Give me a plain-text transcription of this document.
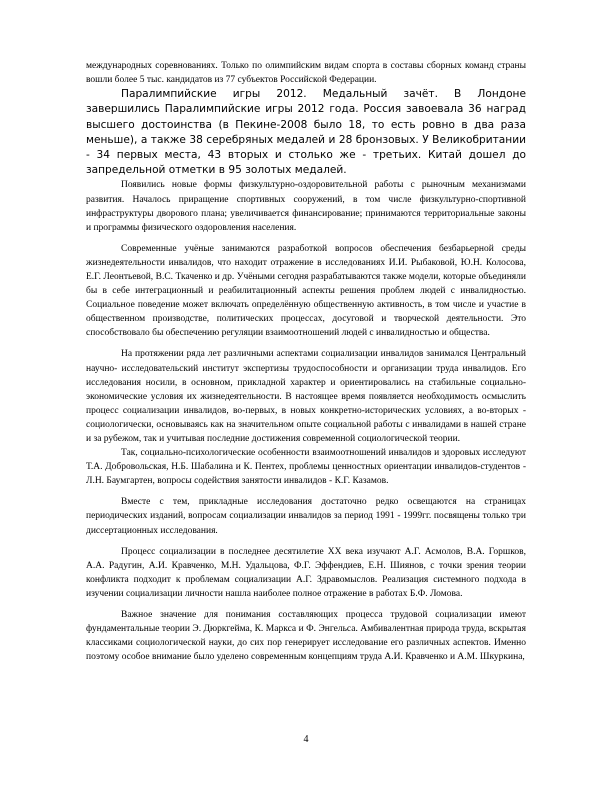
международных соревнованиях. Только по олимпийским видам спорта в составы сборных команд страны вошли более 5 тыс. кандидатов из 77 субъектов Российской Федерации.

Паралимпийские игры 2012. Медальный зачёт. В Лондоне завершились Паралимпийские игры 2012 года. Россия завоевала 36 наград высшего достоинства (в Пекине-2008 было 18, то есть ровно в два раза меньше), а также 38 серебряных медалей и 28 бронзовых. У Великобритании - 34 первых места, 43 вторых и столько же - третьих. Китай дошел до запредельной отметки в 95 золотых медалей.

Появились новые формы физкультурно-оздоровительной работы с рыночным механизмами развития. Началось приращение спортивных сооружений, в том числе физкультурно-спортивной инфраструктуры дворового плана; увеличивается финансирование; принимаются территориальные законы и программы физического оздоровления населения.

Современные учёные занимаются разработкой вопросов обеспечения безбарьерной среды жизнедеятельности инвалидов, что находит отражение в исследованиях И.И. Рыбаковой, Ю.Н. Колосова, Е.Г. Леонтьевой, В.С. Ткаченко и др. Учёными сегодня разрабатываются также модели, которые объединяли бы в себе интеграционный и реабилитационный аспекты решения проблем людей с инвалидностью. Социальное поведение может включать определённую общественную активность, в том числе и участие в общественном производстве, политических процессах, досуговой и творческой деятельности. Это способствовало бы обеспечению регуляции взаимоотношений людей с инвалидностью и общества.

На протяжении ряда лет различными аспектами социализации инвалидов занимался Центральный научно- исследовательский институт экспертизы трудоспособности и организации труда инвалидов. Его исследования носили, в основном, прикладной характер и ориентировались на стабильные социально-экономические условия их жизнедеятельности. В настоящее время появляется необходимость осмыслить процесс социализации инвалидов, во-первых, в новых конкретно-исторических условиях, а во-вторых - социологически, основываясь как на значительном опыте социальной работы с инвалидами в нашей стране и за рубежом, так и учитывая последние достижения современной социологической теории.

Так, социально-психологические особенности взаимоотношений инвалидов и здоровых исследуют Т.А. Добровольская, Н.Б. Шабалина и К. Пентех, проблемы ценностных ориентации инвалидов-студентов - Л.Н. Баумгартен, вопросы содействия занятости инвалидов - К.Г. Казамов.

Вместе с тем, прикладные исследования достаточно редко освещаются на страницах периодических изданий, вопросам социализации инвалидов за период 1991 - 1999гг. посвящены только три диссертационных исследования.

Процесс социализации в последнее десятилетие XX века изучают А.Г. Асмолов, В.А. Горшков, А.А. Радугин, А.И. Кравченко, М.Н. Удальцова, Ф.Г. Эффендиев, Е.Н. Шиянов, с точки зрения теории конфликта подходит к проблемам социализации А.Г. Здравомыслов. Реализация системного подхода в изучении социализации личности нашла наиболее полное отражение в работах Б.Ф. Ломова.

Важное значение для понимания составляющих процесса трудовой социализации имеют фундаментальные теории Э. Дюркгейма, К. Маркса и Ф. Энгельса. Амбивалентная природа труда, вскрытая классиками социологической науки, до сих пор генерирует исследование его различных аспектов. Именно поэтому особое внимание было уделено современным концепциям труда А.И. Кравченко и А.М. Шкуркина,

4
